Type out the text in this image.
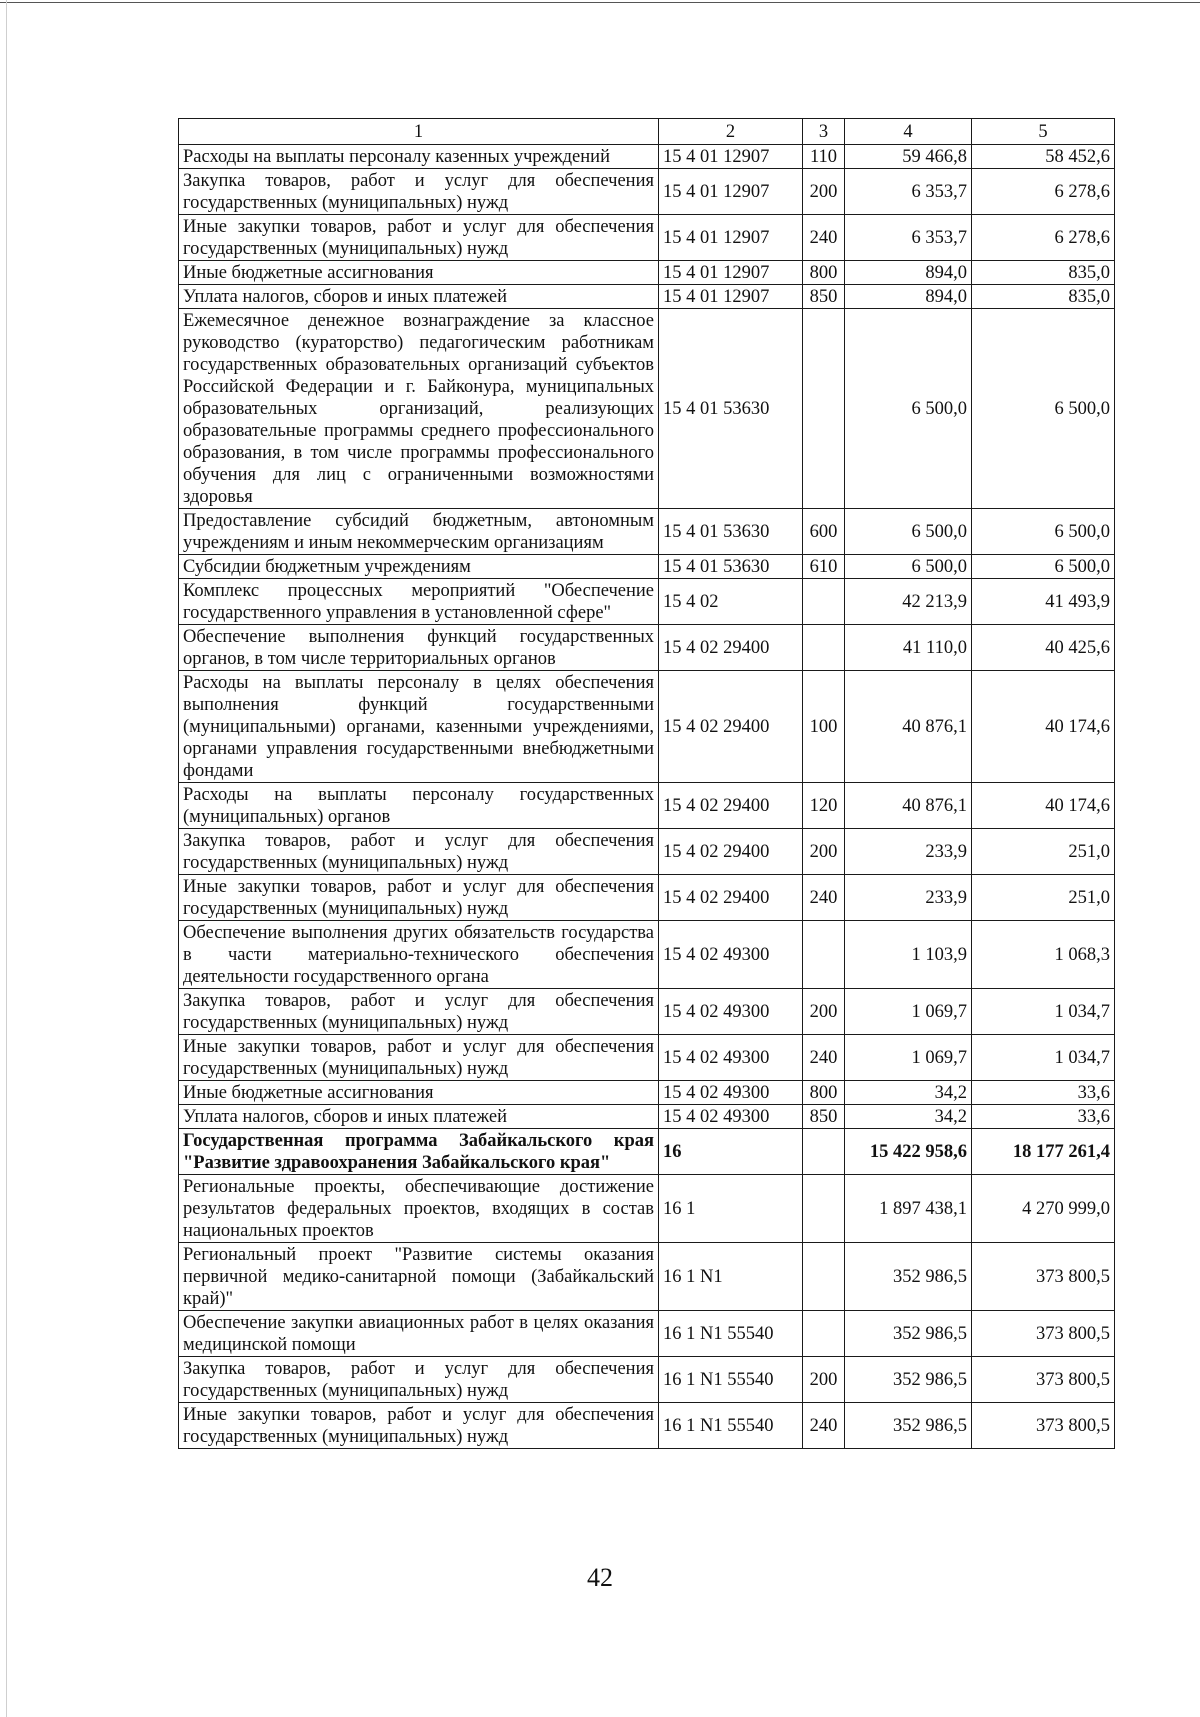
1	2	3	4	5
Расходы на выплаты персоналу казенных учреждений	15 4 01 12907	110	59 466,8	58 452,6
Закупка товаров, работ и услуг для обеспечения государственных (муниципальных) нужд	15 4 01 12907	200	6 353,7	6 278,6
Иные закупки товаров, работ и услуг для обеспечения государственных (муниципальных) нужд	15 4 01 12907	240	6 353,7	6 278,6
Иные бюджетные ассигнования	15 4 01 12907	800	894,0	835,0
Уплата налогов, сборов и иных платежей	15 4 01 12907	850	894,0	835,0
Ежемесячное денежное вознаграждение за классное руководство (кураторство) педагогическим работникам государственных образовательных организаций субъектов Российской Федерации и г. Байконура, муниципальных образовательных организаций, реализующих образовательные программы среднего профессионального образования, в том числе программы профессионального обучения для лиц с ограниченными возможностями здоровья	15 4 01 53630		6 500,0	6 500,0
Предоставление субсидий бюджетным, автономным учреждениям и иным некоммерческим организациям	15 4 01 53630	600	6 500,0	6 500,0
Субсидии бюджетным учреждениям	15 4 01 53630	610	6 500,0	6 500,0
Комплекс процессных мероприятий "Обеспечение государственного управления в установленной сфере"	15 4 02		42 213,9	41 493,9
Обеспечение выполнения функций государственных органов, в том числе территориальных органов	15 4 02 29400		41 110,0	40 425,6
Расходы на выплаты персоналу в целях обеспечения выполнения функций государственными (муниципальными) органами, казенными учреждениями, органами управления государственными внебюджетными фондами	15 4 02 29400	100	40 876,1	40 174,6
Расходы на выплаты персоналу государственных (муниципальных) органов	15 4 02 29400	120	40 876,1	40 174,6
Закупка товаров, работ и услуг для обеспечения государственных (муниципальных) нужд	15 4 02 29400	200	233,9	251,0
Иные закупки товаров, работ и услуг для обеспечения государственных (муниципальных) нужд	15 4 02 29400	240	233,9	251,0
Обеспечение выполнения других обязательств государства в части материально-технического обеспечения деятельности государственного органа	15 4 02 49300		1 103,9	1 068,3
Закупка товаров, работ и услуг для обеспечения государственных (муниципальных) нужд	15 4 02 49300	200	1 069,7	1 034,7
Иные закупки товаров, работ и услуг для обеспечения государственных (муниципальных) нужд	15 4 02 49300	240	1 069,7	1 034,7
Иные бюджетные ассигнования	15 4 02 49300	800	34,2	33,6
Уплата налогов, сборов и иных платежей	15 4 02 49300	850	34,2	33,6
Государственная программа Забайкальского края "Развитие здравоохранения Забайкальского края"	16		15 422 958,6	18 177 261,4
Региональные проекты, обеспечивающие достижение результатов федеральных проектов, входящих в состав национальных проектов	16 1		1 897 438,1	4 270 999,0
Региональный проект "Развитие системы оказания первичной медико-санитарной помощи (Забайкальский край)"	16 1 N1		352 986,5	373 800,5
Обеспечение закупки авиационных работ в целях оказания медицинской помощи	16 1 N1 55540		352 986,5	373 800,5
Закупка товаров, работ и услуг для обеспечения государственных (муниципальных) нужд	16 1 N1 55540	200	352 986,5	373 800,5
Иные закупки товаров, работ и услуг для обеспечения государственных (муниципальных) нужд	16 1 N1 55540	240	352 986,5	373 800,5
42
